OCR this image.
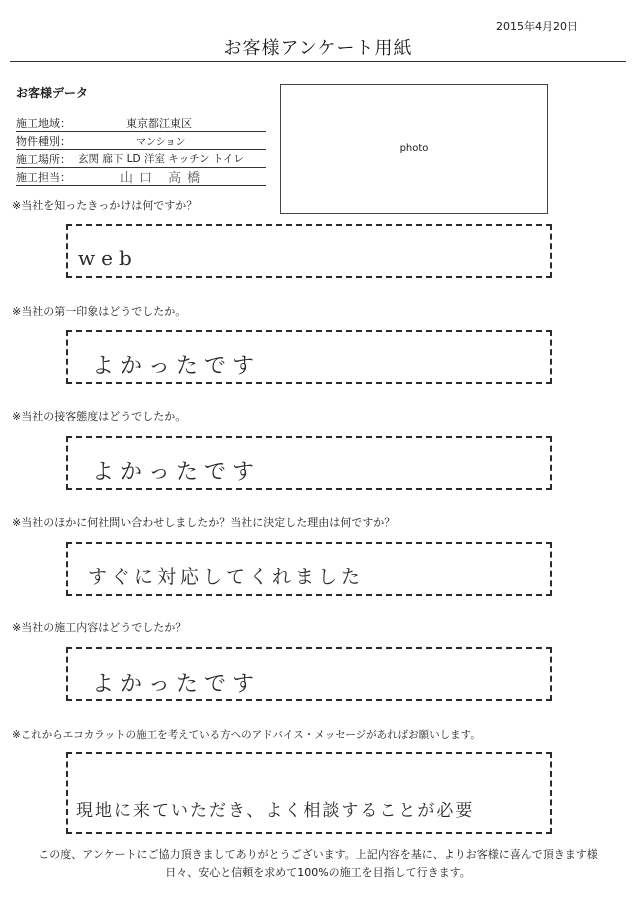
2015年4月20日
お客様アンケート用紙
お客様データ
施工地域：	東京都江東区
物件種別：	マンション
施工場所： 玄関 廊下 LD 洋室 キッチン トイレ
施工担当：	山口 高橋
photo
※当社を知ったきっかけは何ですか？
web
※当社の第一印象はどうでしたか。
よかったです
※当社の接客態度はどうでしたか。
よかったです
※当社のほかに何社問い合わせしましたか？当社に決定した理由は何ですか？
すぐに対応してくれました
※当社の施工内容はどうでしたか？
よかったです
※これからエコカラットの施工を考えている方へのアドバイス・メッセージがあればお願いします。
現地に来ていただき、よく相談することが必要
この度、アンケートにご協力頂きましてありがとうございます。上記内容を基に、よりお客様に喜んで頂きます様
日々、安心と信頼を求めて100%の施工を目指して行きます。
